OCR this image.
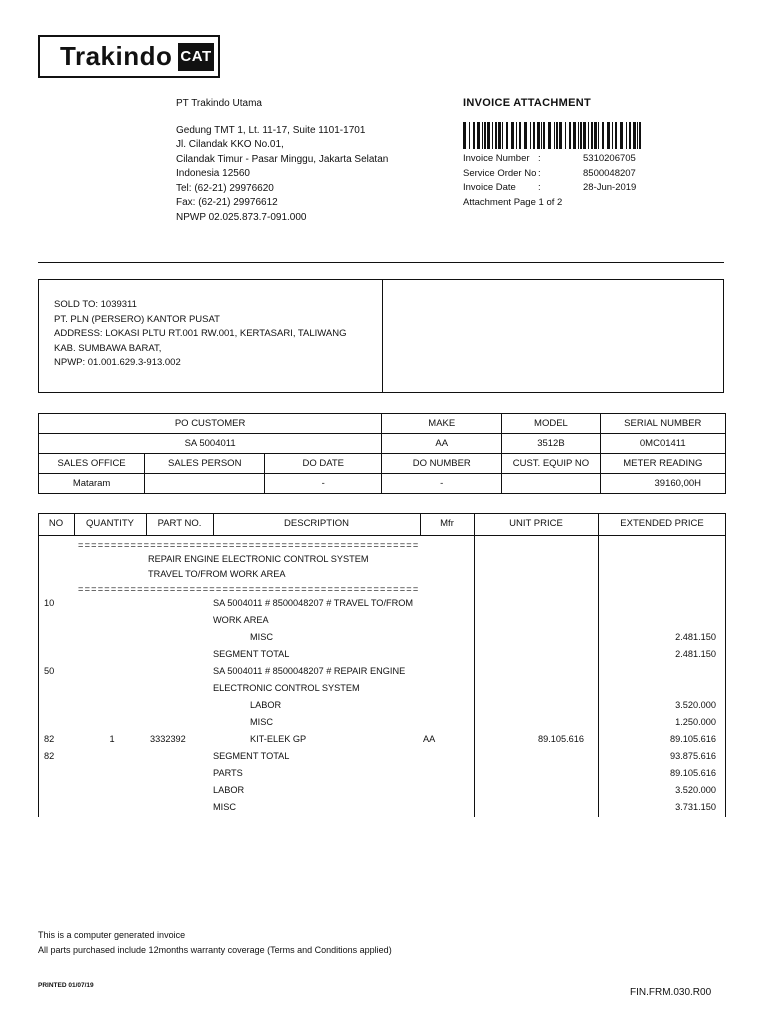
Trakindo CAT
PT Trakindo Utama
Gedung TMT 1, Lt. 11-17, Suite 1101-1701
Jl. Cilandak KKO No.01,
Cilandak Timur - Pasar Minggu, Jakarta Selatan
Indonesia 12560
Tel: (62-21) 29976620
Fax: (62-21) 29976612
NPWP 02.025.873.7-091.000
INVOICE ATTACHMENT
Invoice Number :	5310206705
Service Order No :	8500048207
Invoice Date	:	28-Jun-2019
Attachment Page 1 of 2
SOLD TO: 1039311
PT. PLN (PERSERO) KANTOR PUSAT
ADDRESS: LOKASI PLTU RT.001 RW.001, KERTASARI, TALIWANG
KAB. SUMBAWA BARAT,
NPWP: 01.001.629.3-913.002
PO CUSTOMER			MAKE	MODEL	SERIAL NUMBER
SA 5004011			AA	3512B	0MC01411
SALES OFFICE	SALES PERSON	DO DATE	DO NUMBER	CUST. EQUIP NO	METER READING
Mataram		-	-		39160,00H
NO	QUANTITY	PART NO.	DESCRIPTION	Mfr	UNIT PRICE	EXTENDED PRICE
====================================================
REPAIR ENGINE ELECTRONIC CONTROL SYSTEM
TRAVEL TO/FROM WORK AREA
====================================================
10	SA 5004011 # 8500048207 # TRAVEL TO/FROM
WORK AREA
MISC	2.481.150
SEGMENT TOTAL	2.481.150
50	SA 5004011 # 8500048207 # REPAIR ENGINE
ELECTRONIC CONTROL SYSTEM
LABOR	3.520.000
MISC	1.250.000
82	1	3332392	KIT-ELEK GP	AA	89.105.616	89.105.616
82	SEGMENT TOTAL	93.875.616
PARTS	89.105.616
LABOR	3.520.000
MISC	3.731.150
This is a computer generated invoice
All parts purchased include 12months warranty coverage (Terms and Conditions applied)
PRINTED 01/07/19
FIN.FRM.030.R00
